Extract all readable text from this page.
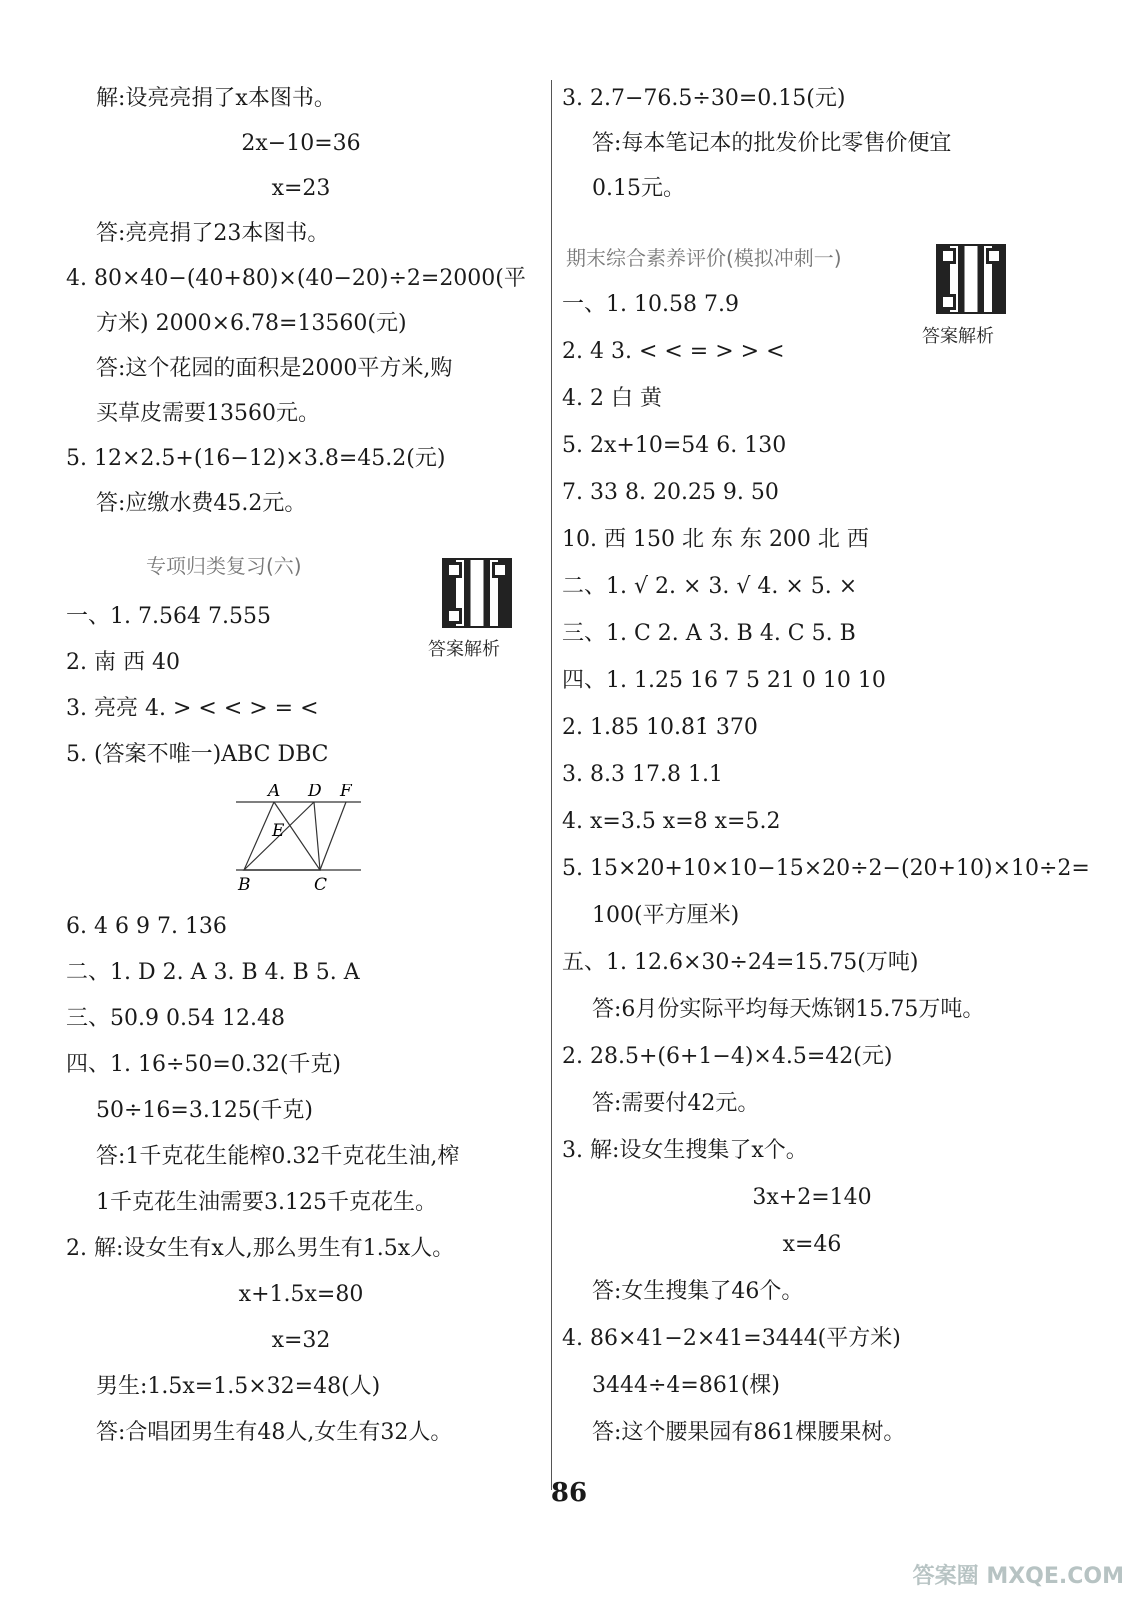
解:设亮亮捐了x本图书。
2x−10=36
x=23
答:亮亮捐了23本图书。
4. 80×40−(40+80)×(40−20)÷2=2000(平
方米) 2000×6.78=13560(元)
答:这个花园的面积是2000平方米,购
买草皮需要13560元。
5. 12×2.5+(16−12)×3.8=45.2(元)
答:应缴水费45.2元。
专项归类复习(六)
答案解析
一、1. 7.564 7.555
2. 南 西 40
3. 亮亮 4. > < < > = <
5. (答案不唯一)ABC DBC
A D F
E
B	C
6. 4 6 9 7. 136
二、1. D 2. A 3. B 4. B 5. A
三、50.9 0.54 12.48
四、1. 16÷50=0.32(千克)
50÷16=3.125(千克)
答:1千克花生能榨0.32千克花生油,榨
1千克花生油需要3.125千克花生。
2. 解:设女生有x人,那么男生有1.5x人。
x+1.5x=80
x=32
男生:1.5x=1.5×32=48(人)
答:合唱团男生有48人,女生有32人。
3. 2.7−76.5÷30=0.15(元)
答:每本笔记本的批发价比零售价便宜
0.15元。
期末综合素养评价(模拟冲刺一)
答案解析
一、1. 10.58 7.9
2. 4 3. < < = > > <
4. 2 白 黄
5. 2x+10=54 6. 130
7. 33 8. 20.25 9. 50
10. 西 150 北 东 东 200 北 西
二、1. √ 2. × 3. √ 4. × 5. ×
三、1. C 2. A 3. B 4. C 5. B
四、1. 1.25 16 7 5 21 0 10 10
2. 1.85 10.8̇1̇ 370
3. 8.3 17.8 1.1
4. x=3.5 x=8 x=5.2
5. 15×20+10×10−15×20÷2−(20+10)×10÷2=
100(平方厘米)
五、1. 12.6×30÷24=15.75(万吨)
答:6月份实际平均每天炼钢15.75万吨。
2. 28.5+(6+1−4)×4.5=42(元)
答:需要付42元。
3. 解:设女生搜集了x个。
3x+2=140
x=46
答:女生搜集了46个。
4. 86×41−2×41=3444(平方米)
3444÷4=861(棵)
答:这个腰果园有861棵腰果树。
86
答案圈 MXQE.COM
